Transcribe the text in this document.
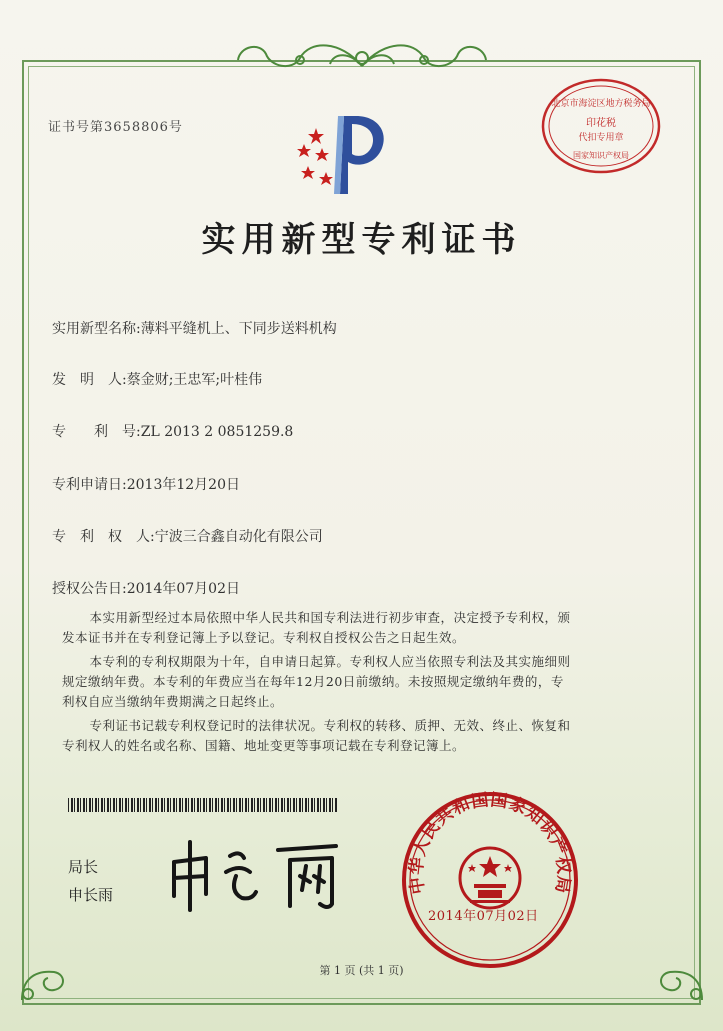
证书号第3658806号
北京市海淀区地方税务局
印花税
代扣专用章
国家知识产权局
实用新型专利证书
实用新型名称:薄料平缝机上、下同步送料机构
发　明　人:蔡金财;王忠军;叶桂伟
专　　利　号:ZL 2013 2 0851259.8
专利申请日:2013年12月20日
专　利　权　人:宁波三合鑫自动化有限公司
授权公告日:2014年07月02日

本实用新型经过本局依照中华人民共和国专利法进行初步审查，决定授予专利权，颁

发本证书并在专利登记簿上予以登记。专利权自授权公告之日起生效。

本专利的专利权期限为十年，自申请日起算。专利权人应当依照专利法及其实施细则

规定缴纳年费。本专利的年费应当在每年12月20日前缴纳。未按照规定缴纳年费的，专

利权自应当缴纳年费期满之日起终止。

专利证书记载专利权登记时的法律状况。专利权的转移、质押、无效、终止、恢复和

专利权人的姓名或名称、国籍、地址变更等事项记载在专利登记簿上。

局长
申长雨	中华人民共和国国家知识产权局
2014年07月02日
第 1 页 (共 1 页)
